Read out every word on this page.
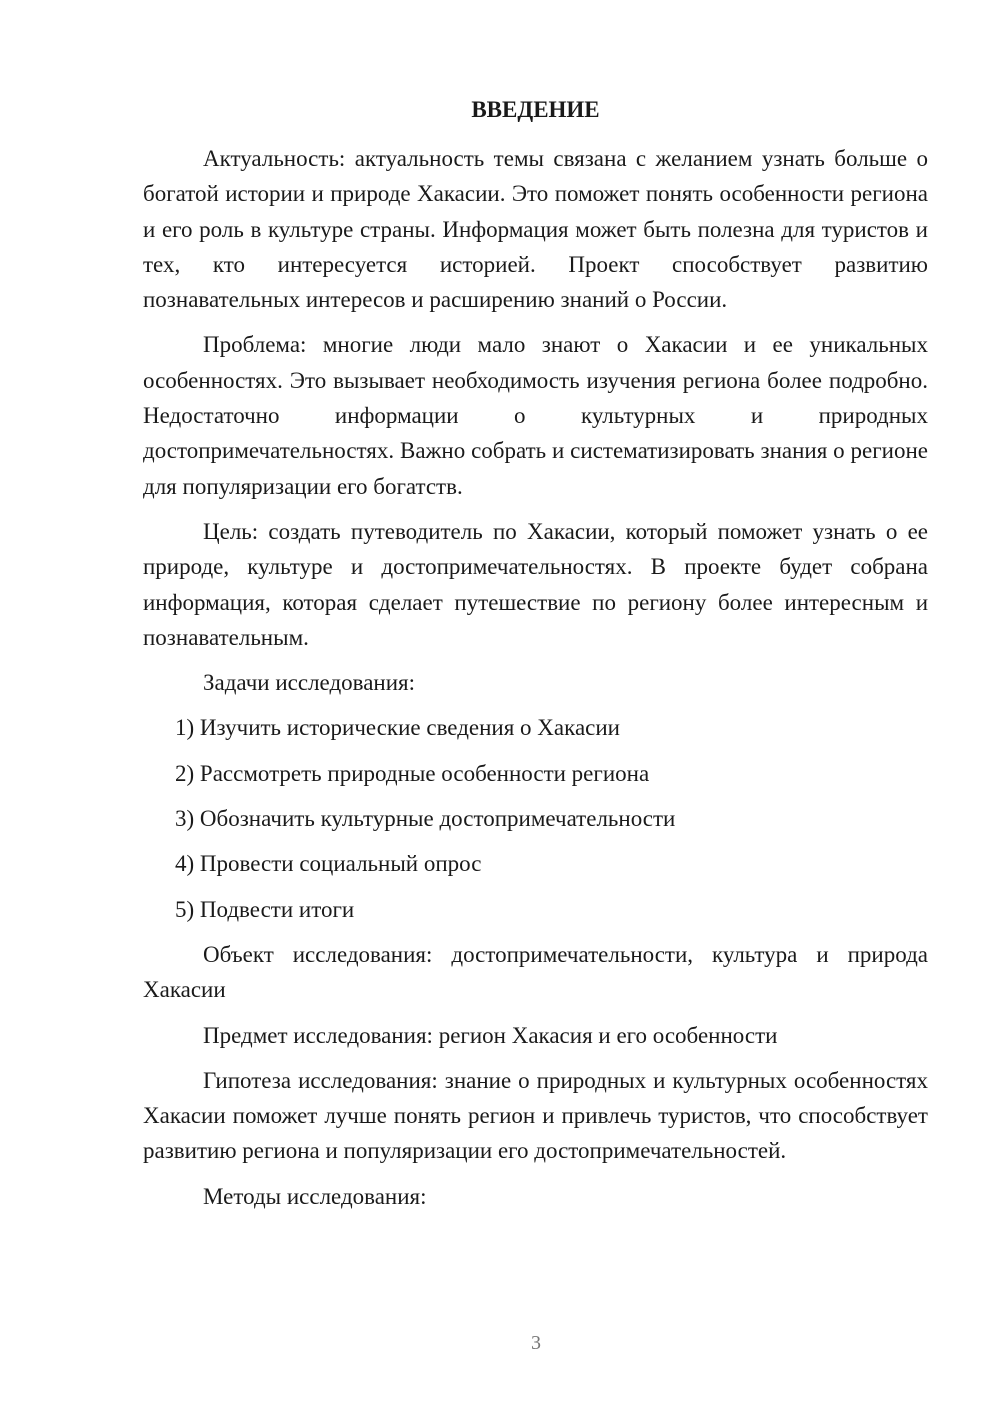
ВВЕДЕНИЕ

Актуальность: актуальность темы связана с желанием узнать больше о богатой истории и природе Хакасии. Это поможет понять особенности региона и его роль в культуре страны. Информация может быть полезна для туристов и тех, кто интересуется историей. Проект способствует развитию познавательных интересов и расширению знаний о России.

Проблема: многие люди мало знают о Хакасии и ее уникальных особенностях. Это вызывает необходимость изучения региона более подробно. Недостаточно информации о культурных и природных достопримечательностях. Важно собрать и систематизировать знания о регионе для популяризации его богатств.

Цель: создать путеводитель по Хакасии, который поможет узнать о ее природе, культуре и достопримечательностях. В проекте будет собрана информация, которая сделает путешествие по региону более интересным и познавательным.

Задачи исследования:

1) Изучить исторические сведения о Хакасии

2) Рассмотреть природные особенности региона

3) Обозначить культурные достопримечательности

4) Провести социальный опрос

5) Подвести итоги

Объект исследования: достопримечательности, культура и природа Хакасии

Предмет исследования: регион Хакасия и его особенности

Гипотеза исследования: знание о природных и культурных особенностях Хакасии поможет лучше понять регион и привлечь туристов, что способствует развитию региона и популяризации его достопримечательностей.

Методы исследования:

3
